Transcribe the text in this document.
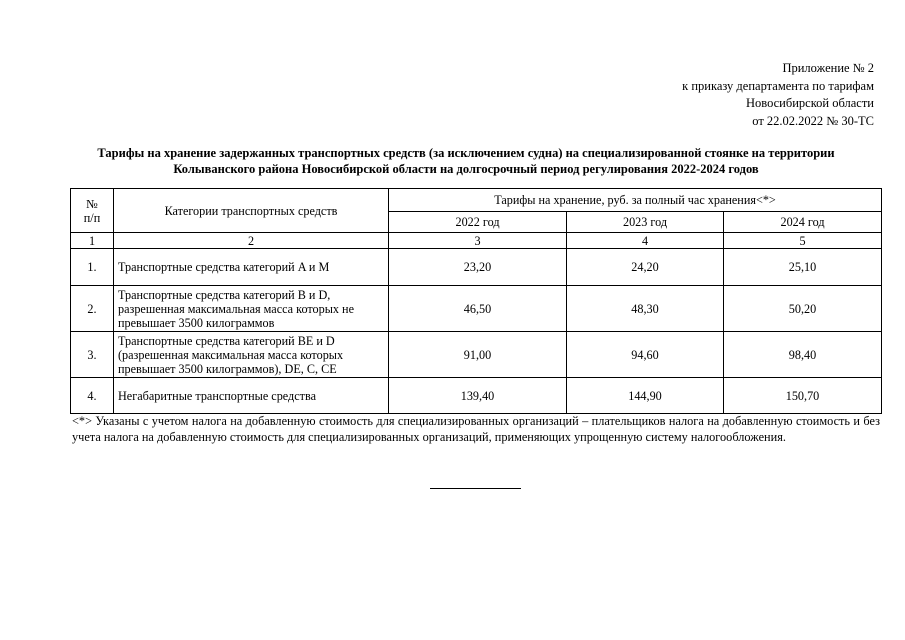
Приложение № 2
к приказу департамента по тарифам
Новосибирской области
от 22.02.2022 № 30-ТС
Тарифы на хранение задержанных транспортных средств (за исключением судна) на специализированной стоянке на территории
Колыванского района Новосибирской области на долгосрочный период регулирования 2022-2024 годов
№ п/п	Категории транспортных средств	Тарифы на хранение, руб. за полный час хранения<*>		
		2022 год	2023 год	2024 год
1	2	3	4	5
1.	Транспортные средства категорий A и M	23,20	24,20	25,10
2.	Транспортные средства категорий B и D, разрешенная максимальная масса которых не превышает 3500 килограммов	46,50	48,30	50,20
3.	Транспортные средства категорий BE и D (разрешенная максимальная масса которых превышает 3500 килограммов), DE, C, CE	91,00	94,60	98,40
4.	Негабаритные транспортные средства	139,40	144,90	150,70
<*> Указаны с учетом налога на добавленную стоимость для специализированных организаций – плательщиков налога на добавленную стоимость и без учета налога на добавленную стоимость для специализированных организаций, применяющих упрощенную систему налогообложения.
